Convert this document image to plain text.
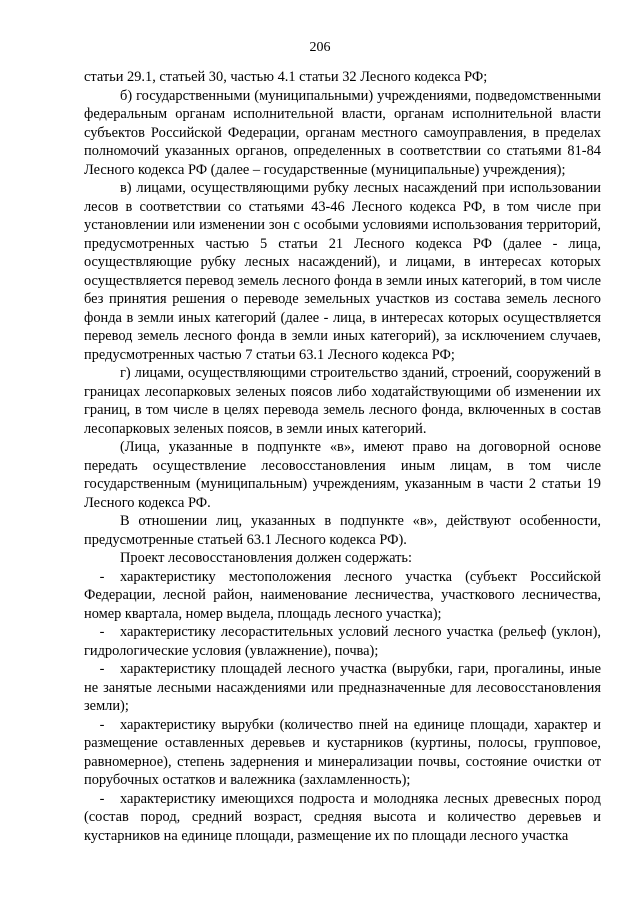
206

статьи 29.1, статьей 30, частью 4.1 статьи 32 Лесного кодекса РФ;

б) государственными (муниципальными) учреждениями, подведомственными федеральным органам исполнительной власти, органам исполнительной власти субъектов Российской Федерации, органам местного самоуправления, в пределах полномочий указанных органов, определенных в соответствии со статьями 81-84 Лесного кодекса РФ (далее – государственные (муниципальные) учреждения);

в) лицами, осуществляющими рубку лесных насаждений при использовании лесов в соответствии со статьями 43-46 Лесного кодекса РФ, в том числе при установлении или изменении зон с особыми условиями использования территорий, предусмотренных частью 5 статьи 21 Лесного кодекса РФ (далее - лица, осуществляющие рубку лесных насаждений), и лицами, в интересах которых осуществляется перевод земель лесного фонда в земли иных категорий, в том числе без принятия решения о переводе земельных участков из состава земель лесного фонда в земли иных категорий (далее - лица, в интересах которых осуществляется перевод земель лесного фонда в земли иных категорий), за исключением случаев, предусмотренных частью 7 статьи 63.1 Лесного кодекса РФ;

г) лицами, осуществляющими строительство зданий, строений, сооружений в границах лесопарковых зеленых поясов либо ходатайствующими об изменении их границ, в том числе в целях перевода земель лесного фонда, включенных в состав лесопарковых зеленых поясов, в земли иных категорий.

(Лица, указанные в подпункте «в», имеют право на договорной основе передать осуществление лесовосстановления иным лицам, в том числе государственным (муниципальным) учреждениям, указанным в части 2 статьи 19 Лесного кодекса РФ.

В отношении лиц, указанных в подпункте «в», действуют особенности, предусмотренные статьей 63.1 Лесного кодекса РФ).

Проект лесовосстановления должен содержать:

- характеристику местоположения лесного участка (субъект Российской Федерации, лесной район, наименование лесничества, участкового лесничества, номер квартала, номер выдела, площадь лесного участка);

- характеристику лесорастительных условий лесного участка (рельеф (уклон), гидрологические условия (увлажнение), почва);

- характеристику площадей лесного участка (вырубки, гари, прогалины, иные не занятые лесными насаждениями или предназначенные для лесовосстановления земли);

- характеристику вырубки (количество пней на единице площади, характер и размещение оставленных деревьев и кустарников (куртины, полосы, групповое, равномерное), степень задернения и минерализации почвы, состояние очистки от порубочных остатков и валежника (захламленность);

- характеристику имеющихся подроста и молодняка лесных древесных пород (состав пород, средний возраст, средняя высота и количество деревьев и кустарников на единице площади, размещение их по площади лесного участка
